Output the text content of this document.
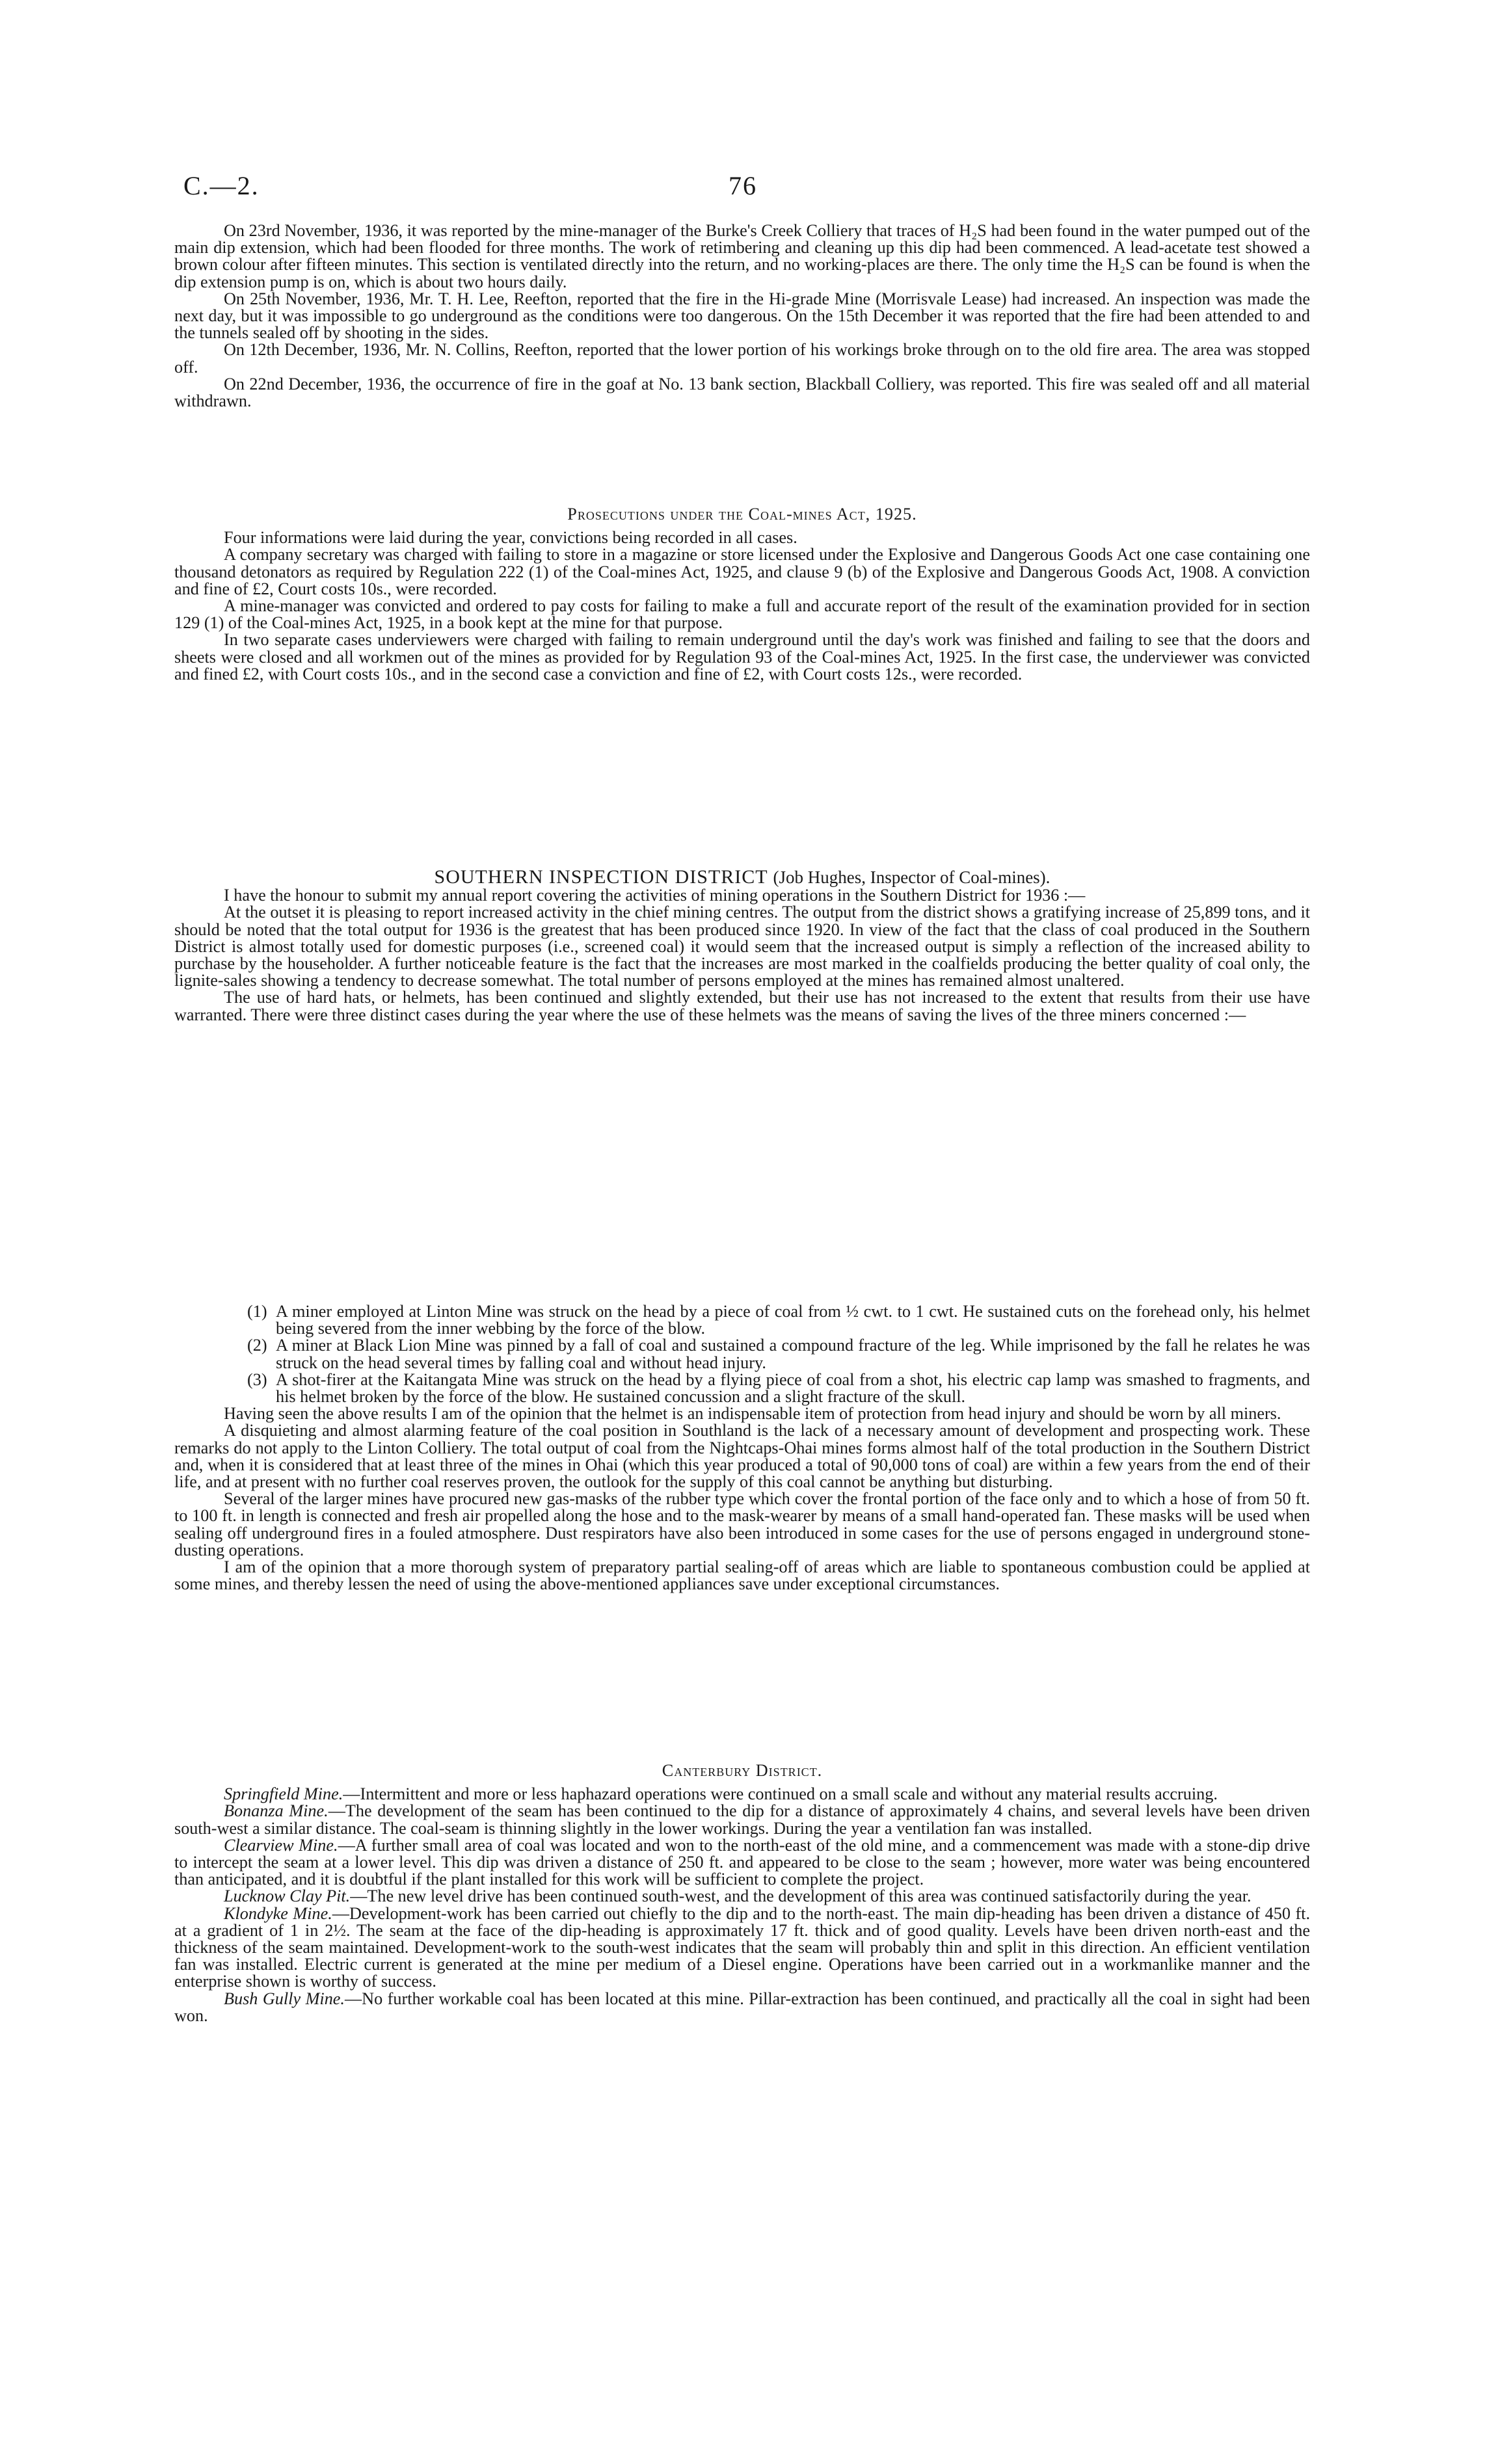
C.—2.	76

On 23rd November, 1936, it was reported by the mine-manager of the Burke's Creek Colliery that traces of H₂S had been found in the water pumped out of the main dip extension, which had been flooded for three months. The work of retimbering and cleaning up this dip had been commenced. A lead-acetate test showed a brown colour after fifteen minutes. This section is ventilated directly into the return, and no working-places are there. The only time the H₂S can be found is when the dip extension pump is on, which is about two hours daily.

On 25th November, 1936, Mr. T. H. Lee, Reefton, reported that the fire in the Hi-grade Mine (Morrisvale Lease) had increased. An inspection was made the next day, but it was impossible to go underground as the conditions were too dangerous. On the 15th December it was reported that the fire had been attended to and the tunnels sealed off by shooting in the sides.

On 12th December, 1936, Mr. N. Collins, Reefton, reported that the lower portion of his workings broke through on to the old fire area. The area was stopped off.

On 22nd December, 1936, the occurrence of fire in the goaf at No. 13 bank section, Blackball Colliery, was reported. This fire was sealed off and all material withdrawn.

Prosecutions under the Coal-mines Act, 1925.

Four informations were laid during the year, convictions being recorded in all cases.

A company secretary was charged with failing to store in a magazine or store licensed under the Explosive and Dangerous Goods Act one case containing one thousand detonators as required by Regulation 222 (1) of the Coal-mines Act, 1925, and clause 9 (b) of the Explosive and Dangerous Goods Act, 1908. A conviction and fine of £2, Court costs 10s., were recorded.

A mine-manager was convicted and ordered to pay costs for failing to make a full and accurate report of the result of the examination provided for in section 129 (1) of the Coal-mines Act, 1925, in a book kept at the mine for that purpose.

In two separate cases underviewers were charged with failing to remain underground until the day's work was finished and failing to see that the doors and sheets were closed and all workmen out of the mines as provided for by Regulation 93 of the Coal-mines Act, 1925. In the first case, the underviewer was convicted and fined £2, with Court costs 10s., and in the second case a conviction and fine of £2, with Court costs 12s., were recorded.

SOUTHERN INSPECTION DISTRICT (Job Hughes, Inspector of Coal-mines).

I have the honour to submit my annual report covering the activities of mining operations in the Southern District for 1936 :—

At the outset it is pleasing to report increased activity in the chief mining centres. The output from the district shows a gratifying increase of 25,899 tons, and it should be noted that the total output for 1936 is the greatest that has been produced since 1920. In view of the fact that the class of coal produced in the Southern District is almost totally used for domestic purposes (i.e., screened coal) it would seem that the increased output is simply a reflection of the increased ability to purchase by the householder. A further noticeable feature is the fact that the increases are most marked in the coalfields producing the better quality of coal only, the lignite-sales showing a tendency to decrease somewhat. The total number of persons employed at the mines has remained almost unaltered.

The use of hard hats, or helmets, has been continued and slightly extended, but their use has not increased to the extent that results from their use have warranted. There were three distinct cases during the year where the use of these helmets was the means of saving the lives of the three miners concerned :—

(1) A miner employed at Linton Mine was struck on the head by a piece of coal from ½ cwt. to 1 cwt. He sustained cuts on the forehead only, his helmet being severed from the inner webbing by the force of the blow.

(2) A miner at Black Lion Mine was pinned by a fall of coal and sustained a compound fracture of the leg. While imprisoned by the fall he relates he was struck on the head several times by falling coal and without head injury.

(3) A shot-firer at the Kaitangata Mine was struck on the head by a flying piece of coal from a shot, his electric cap lamp was smashed to fragments, and his helmet broken by the force of the blow. He sustained concussion and a slight fracture of the skull.

Having seen the above results I am of the opinion that the helmet is an indispensable item of protection from head injury and should be worn by all miners.

A disquieting and almost alarming feature of the coal position in Southland is the lack of a necessary amount of development and prospecting work. These remarks do not apply to the Linton Colliery. The total output of coal from the Nightcaps-Ohai mines forms almost half of the total production in the Southern District and, when it is considered that at least three of the mines in Ohai (which this year produced a total of 90,000 tons of coal) are within a few years from the end of their life, and at present with no further coal reserves proven, the outlook for the supply of this coal cannot be anything but disturbing.

Several of the larger mines have procured new gas-masks of the rubber type which cover the frontal portion of the face only and to which a hose of from 50 ft. to 100 ft. in length is connected and fresh air propelled along the hose and to the mask-wearer by means of a small hand-operated fan. These masks will be used when sealing off underground fires in a fouled atmosphere. Dust respirators have also been introduced in some cases for the use of persons engaged in underground stone-dusting operations.

I am of the opinion that a more thorough system of preparatory partial sealing-off of areas which are liable to spontaneous combustion could be applied at some mines, and thereby lessen the need of using the above-mentioned appliances save under exceptional circumstances.

Canterbury District.

Springfield Mine.—Intermittent and more or less haphazard operations were continued on a small scale and without any material results accruing.

Bonanza Mine.—The development of the seam has been continued to the dip for a distance of approximately 4 chains, and several levels have been driven south-west a similar distance. The coal-seam is thinning slightly in the lower workings. During the year a ventilation fan was installed.

Clearview Mine.—A further small area of coal was located and won to the north-east of the old mine, and a commencement was made with a stone-dip drive to intercept the seam at a lower level. This dip was driven a distance of 250 ft. and appeared to be close to the seam ; however, more water was being encountered than anticipated, and it is doubtful if the plant installed for this work will be sufficient to complete the project.

Lucknow Clay Pit.—The new level drive has been continued south-west, and the development of this area was continued satisfactorily during the year.

Klondyke Mine.—Development-work has been carried out chiefly to the dip and to the north-east. The main dip-heading has been driven a distance of 450 ft. at a gradient of 1 in 2½. The seam at the face of the dip-heading is approximately 17 ft. thick and of good quality. Levels have been driven north-east and the thickness of the seam maintained. Development-work to the south-west indicates that the seam will probably thin and split in this direction. An efficient ventilation fan was installed. Electric current is generated at the mine per medium of a Diesel engine. Operations have been carried out in a workmanlike manner and the enterprise shown is worthy of success.

Bush Gully Mine.—No further workable coal has been located at this mine. Pillar-extraction has been continued, and practically all the coal in sight had been won.
